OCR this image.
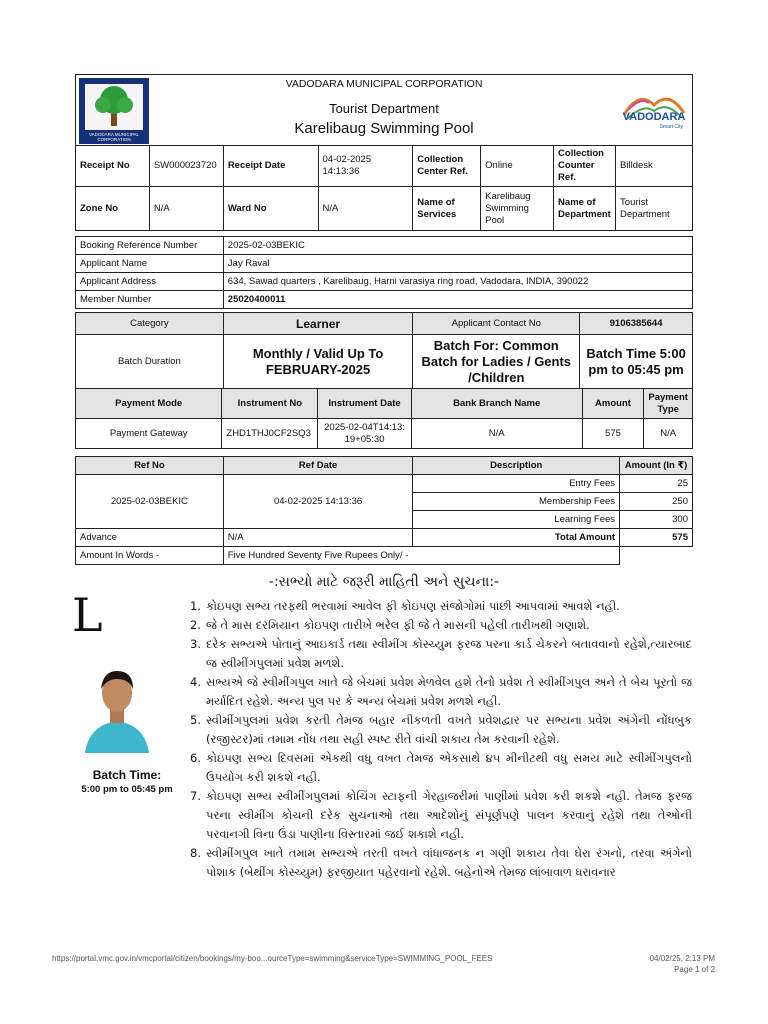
VADODARA MUNICIPAL CORPORATION
VADODARA MUNICIPAL CORPORATION
Tourist Department
Karelibaug Swimming Pool
VADODARA
Smart City
Receipt No	SW000023720	Receipt Date	04-02-2025 14:13:36	Collection Center Ref.	Online	Collection Counter Ref.	Billdesk
Zone No	N/A	Ward No	N/A	Name of Services	Karelibaug Swimming Pool	Name of Department	Tourist Department
Booking Reference Number	2025-02-03BEKIC
Applicant Name	Jay Raval
Applicant Address	634, Sawad quarters , Karelibaug, Harni varasiya ring road, Vadodara, INDIA, 390022
Member Number	25020400011
Category	Learner	Applicant Contact No	9106385644
Batch Duration	Monthly / Valid Up To FEBRUARY-2025	Batch For: Common Batch for Ladies / Gents /Children	Batch Time 5:00 pm to 05:45 pm
Payment Mode	Instrument No	Instrument Date	Bank Branch Name	Amount	Payment Type
Payment Gateway	ZHD1THJ0CF2SQ3	2025-02-04T14:13:19+05:30	N/A	575	N/A
Ref No	Ref Date	Description	Amount (In ₹)
2025-02-03BEKIC	04-02-2025 14:13:36	Entry Fees	25
		Membership Fees	250
		Learning Fees	300
Advance	N/A	Total Amount	575
Amount In Words -	Five Hundred Seventy Five Rupees Only/ -		
-:સભ્યો માટે જરૂરી માહિતી અને સુચના:-
L
Batch Time:
5:00 pm to 05:45 pm
1. કોઇપણ સભ્ય તરફથી ભરવામાં આવેલ ફી કોઇપણ સંજોગોમાં પાછી આપવામાં આવશે નહી.
2. જે તે માસ દરમિયાન કોઇપણ તારીખે ભરેલ ફી જે તે માસની પહેલી તારીખથી ગણાશે.
3. દરેક સભ્યએ પોતાનું આઇકાર્ડ તથા સ્વીમીંગ કોસ્ચ્યુમ ફરજ પરના કાર્ડ ચેકરને બતાવવાનો રહેશે,ત્યારબાદ જ સ્વીમીંગપુલમાં પ્રવેશ મળશે.
4. સભ્યએ જે સ્વીમીંગપુલ ખાતે જે બેચમાં પ્રવેશ મેળવેલ હશે તેનો પ્રવેશ તે સ્વીમીંગપુલ અને તે બેચ પૂરતો જ મર્યાદિત રહેશે. અન્ય પુલ પર કે અન્ય બેચમાં પ્રવેશ મળશે નહી.
5. સ્વીમીંગપુલમાં પ્રવેશ કરતી તેમજ બહાર નીકળતી વખતે પ્રવેશદ્વાર પર સભ્યના પ્રવેશ અંગેની નોંધબુક (રજીસ્ટર)માં તમામ નોંધ તથા સહી સ્પષ્ટ રીતે વાંચી શકાય તેમ કરવાની રહેશે.
6. કોઇપણ સભ્ય દિવસમાં એકથી વધુ વખત તેમજ એકસાથે ૪૫ મીનીટથી વધુ સમય માટે સ્વીમીંગપુલનો ઉપયોગ કરી શકશે નહી.
7. કોઇપણ સભ્ય સ્વીમીંગપુલમાં કોચિંગ સ્ટાફની ગેરહાજરીમાં પાણીમાં પ્રવેશ કરી શકશે નહી. તેમજ ફરજ પરના સ્વીમીંગ કોચની દરેક સુચનાઓ તથા આદેશોનું સંપૂર્ણપણે પાલન કરવાનું રહેશે તથા તેઓની પરવાનગી વિના ઉંડા પાણીના વિસ્તારમાં જઈ શકાશે નહી.
8. સ્વીમીંગપુલ ખાતે તમામ સભ્યએ તરતી વખતે વાંધાજનક ન ગણી શકાય તેવા ઘેરા રંગનો, તરવા અંગેનો પોશાક (બેથીંગ કોસ્ચ્યુમ) ફરજીયાત પહેરવાનો રહેશે. બહેનોએ તેમજ લાંબાવાળ ધરાવનાર
https://portal.vmc.gov.in/vmcportal/citizen/bookings/my-boo...ourceType=swimming&serviceType=SWIMMING_POOL_FEES	04/02/25, 2:13 PM
Page 1 of 2
